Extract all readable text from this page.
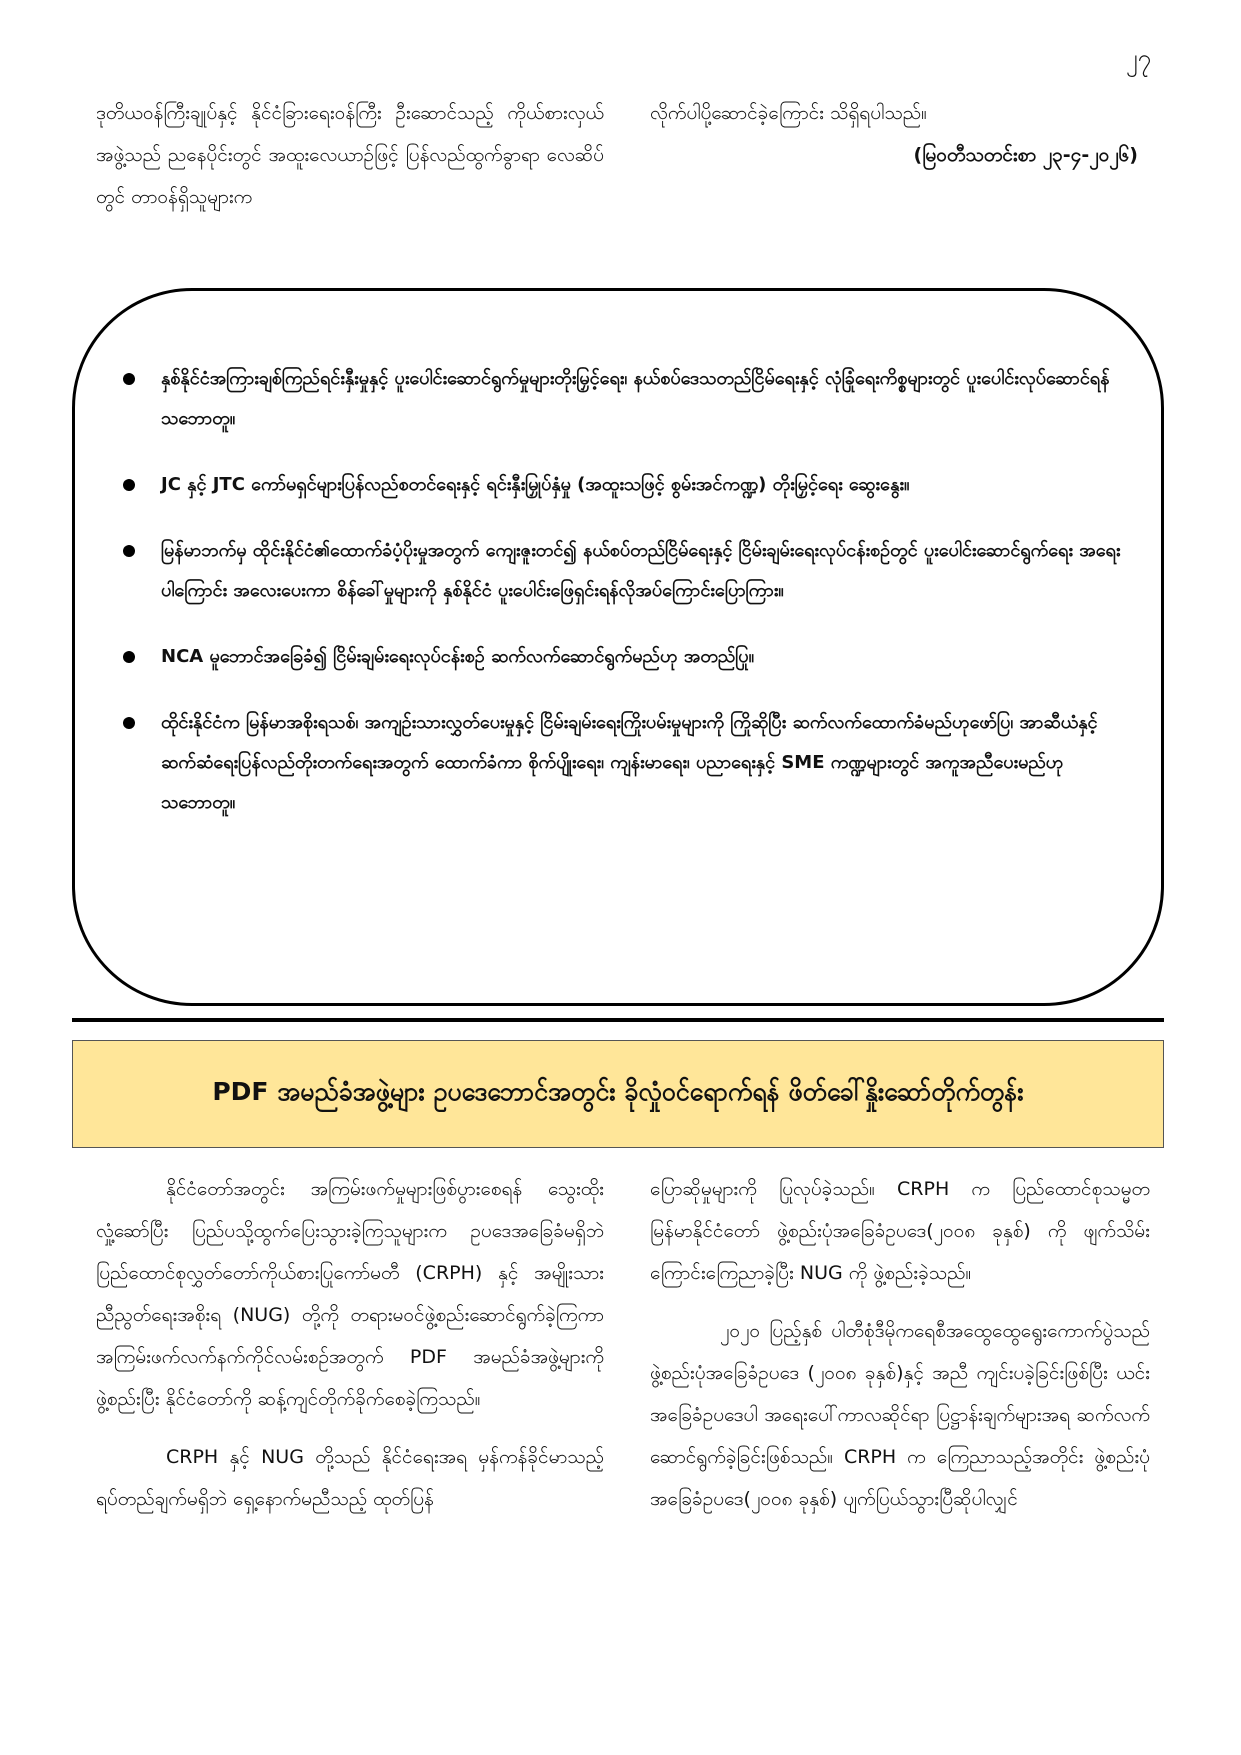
၂၇

ဒုတိယဝန်ကြီးချုပ်နှင့် နိုင်ငံခြားရေးဝန်ကြီး ဦးဆောင်သည့် ကိုယ်စားလှယ်အဖွဲ့သည် ညနေပိုင်းတွင် အထူးလေယာဉ်ဖြင့် ပြန်လည်ထွက်ခွာရာ လေဆိပ်တွင် တာဝန်ရှိသူများက

လိုက်ပါပို့ဆောင်ခဲ့ကြောင်း သိရှိရပါသည်။

(မြဝတီသတင်းစာ ၂၃-၄-၂၀၂၆)

နှစ်နိုင်ငံအကြားချစ်ကြည်ရင်းနှီးမှုနှင့် ပူးပေါင်းဆောင်ရွက်မှုများတိုးမြှင့်ရေး၊ နယ်စပ်ဒေသတည်ငြိမ်ရေးနှင့် လုံခြုံရေးကိစ္စများတွင် ပူးပေါင်းလုပ်ဆောင်ရန် သဘောတူ။
JC နှင့် JTC ကော်မရှင်များပြန်လည်စတင်ရေးနှင့် ရင်းနှီးမြှုပ်နှံမှု (အထူးသဖြင့် စွမ်းအင်ကဏ္ဍ) တိုးမြှင့်ရေး ဆွေးနွေး။
မြန်မာဘက်မှ ထိုင်းနိုင်ငံ၏ထောက်ခံပံ့ပိုးမှုအတွက် ကျေးဇူးတင်၍ နယ်စပ်တည်ငြိမ်ရေးနှင့် ငြိမ်းချမ်းရေးလုပ်ငန်းစဉ်တွင် ပူးပေါင်းဆောင်ရွက်ရေး အရေးပါကြောင်း အလေးပေးကာ စိန်ခေါ်မှုများကို နှစ်နိုင်ငံ ပူးပေါင်းဖြေရှင်းရန်လိုအပ်ကြောင်းပြောကြား။
NCA မူဘောင်အခြေခံ၍ ငြိမ်းချမ်းရေးလုပ်ငန်းစဉ် ဆက်လက်ဆောင်ရွက်မည်ဟု အတည်ပြု။
ထိုင်းနိုင်ငံက မြန်မာအစိုးရသစ်၊ အကျဉ်းသားလွှတ်ပေးမှုနှင့် ငြိမ်းချမ်းရေးကြိုးပမ်းမှုများကို ကြိုဆိုပြီး ဆက်လက်ထောက်ခံမည်ဟုဖော်ပြ၊ အာဆီယံနှင့် ဆက်ဆံရေးပြန်လည်တိုးတက်ရေးအတွက် ထောက်ခံကာ စိုက်ပျိုးရေး၊ ကျန်းမာရေး၊ ပညာရေးနှင့် SME ကဏ္ဍများတွင် အကူအညီပေးမည်ဟု သဘောတူ။
PDF အမည်ခံအဖွဲ့များ ဥပဒေဘောင်အတွင်း ခိုလှုံဝင်ရောက်ရန် ဖိတ်ခေါ်နှိုးဆော်တိုက်တွန်း

နိုင်ငံတော်အတွင်း အကြမ်းဖက်မှုများဖြစ်ပွားစေရန် သွေးထိုးလှုံ့ဆော်ပြီး ပြည်ပသို့ထွက်ပြေးသွားခဲ့ကြသူများက ဥပဒေအခြေခံမရှိဘဲ ပြည်ထောင်စုလွှတ်တော်ကိုယ်စားပြုကော်မတီ (CRPH) နှင့် အမျိုးသားညီညွတ်ရေးအစိုးရ (NUG) တို့ကို တရားမဝင်ဖွဲ့စည်းဆောင်ရွက်ခဲ့ကြကာ အကြမ်းဖက်လက်နက်ကိုင်လမ်းစဉ်အတွက် PDF အမည်ခံအဖွဲ့များကို ဖွဲ့စည်းပြီး နိုင်ငံတော်ကို ဆန့်ကျင်တိုက်ခိုက်စေခဲ့ကြသည်။

CRPH နှင့် NUG တို့သည် နိုင်ငံရေးအရ မှန်ကန်ခိုင်မာသည့် ရပ်တည်ချက်မရှိဘဲ ရှေ့နောက်မညီသည့် ထုတ်ပြန်

ပြောဆိုမှုများကို ပြုလုပ်ခဲ့သည်။ CRPH က ပြည်ထောင်စုသမ္မတမြန်မာနိုင်ငံတော် ဖွဲ့စည်းပုံအခြေခံဥပဒေ(၂၀၀၈ ခုနှစ်) ကို ဖျက်သိမ်းကြောင်းကြေညာခဲ့ပြီး NUG ကို ဖွဲ့စည်းခဲ့သည်။

၂၀၂၀ ပြည့်နှစ် ပါတီစုံဒီမိုကရေစီအထွေထွေရွေးကောက်ပွဲသည် ဖွဲ့စည်းပုံအခြေခံဥပဒေ (၂၀၀၈ ခုနှစ်)နှင့် အညီ ကျင်းပခဲ့ခြင်းဖြစ်ပြီး ယင်းအခြေခံဥပဒေပါ အရေးပေါ်ကာလဆိုင်ရာ ပြဋ္ဌာန်းချက်များအရ ဆက်လက်ဆောင်ရွက်ခဲ့ခြင်းဖြစ်သည်။ CRPH က ကြေညာသည့်အတိုင်း ဖွဲ့စည်းပုံအခြေခံဥပဒေ(၂၀၀၈ ခုနှစ်) ပျက်ပြယ်သွားပြီဆိုပါလျှင်
